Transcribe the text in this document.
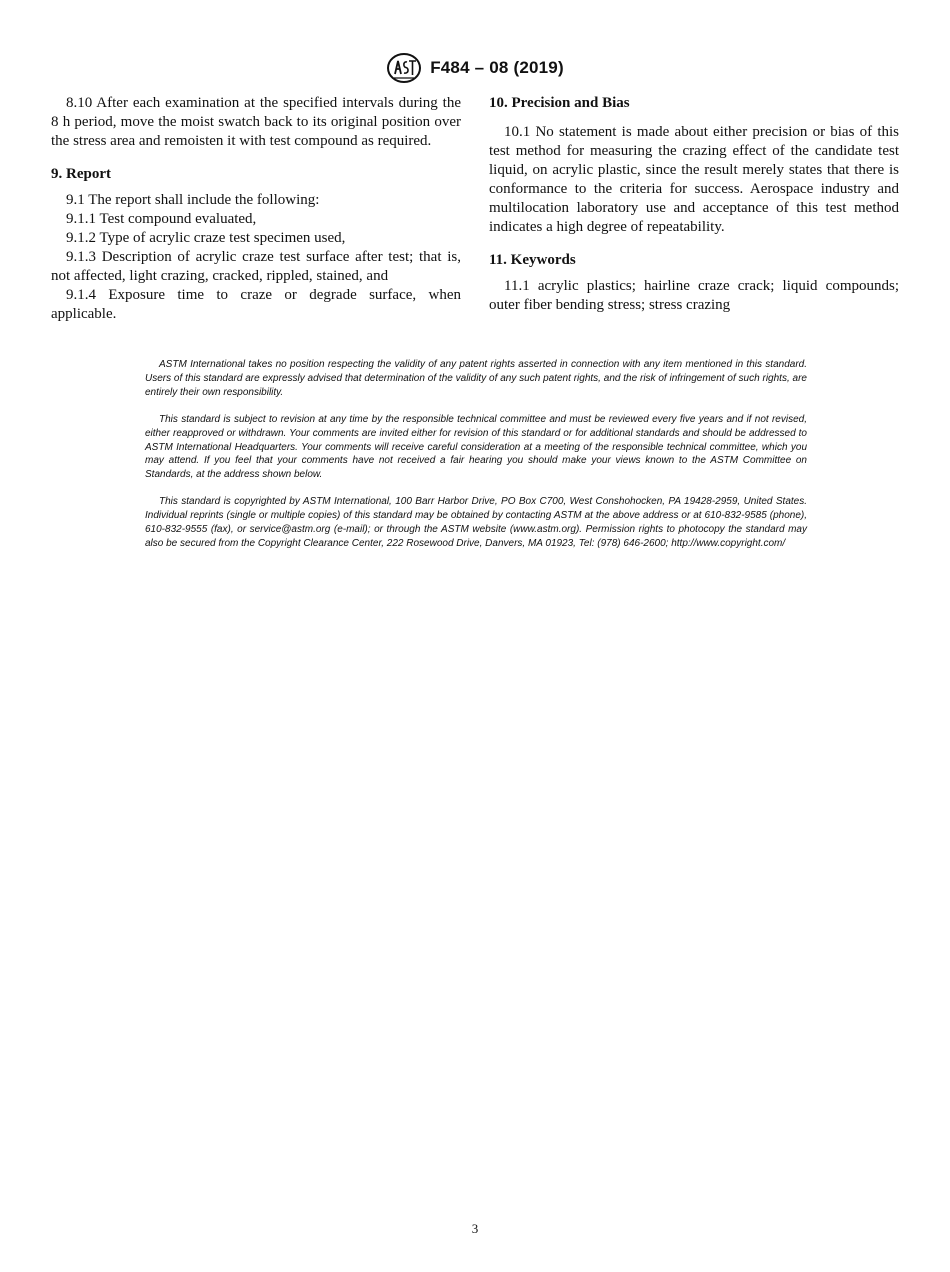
F484 – 08 (2019)

8.10 After each examination at the specified intervals during the 8 h period, move the moist swatch back to its original position over the stress area and remoisten it with test compound as required.

9. Report

9.1 The report shall include the following:

9.1.1 Test compound evaluated,

9.1.2 Type of acrylic craze test specimen used,

9.1.3 Description of acrylic craze test surface after test; that is, not affected, light crazing, cracked, rippled, stained, and

9.1.4 Exposure time to craze or degrade surface, when applicable.

10. Precision and Bias

10.1 No statement is made about either precision or bias of this test method for measuring the crazing effect of the candidate test liquid, on acrylic plastic, since the result merely states that there is conformance to the criteria for success. Aerospace industry and multilocation laboratory use and acceptance of this test method indicates a high degree of repeatability.

11. Keywords

11.1 acrylic plastics; hairline craze crack; liquid compounds; outer fiber bending stress; stress crazing

ASTM International takes no position respecting the validity of any patent rights asserted in connection with any item mentioned in this standard. Users of this standard are expressly advised that determination of the validity of any such patent rights, and the risk of infringement of such rights, are entirely their own responsibility.

This standard is subject to revision at any time by the responsible technical committee and must be reviewed every five years and if not revised, either reapproved or withdrawn. Your comments are invited either for revision of this standard or for additional standards and should be addressed to ASTM International Headquarters. Your comments will receive careful consideration at a meeting of the responsible technical committee, which you may attend. If you feel that your comments have not received a fair hearing you should make your views known to the ASTM Committee on Standards, at the address shown below.

This standard is copyrighted by ASTM International, 100 Barr Harbor Drive, PO Box C700, West Conshohocken, PA 19428-2959, United States. Individual reprints (single or multiple copies) of this standard may be obtained by contacting ASTM at the above address or at 610-832-9585 (phone), 610-832-9555 (fax), or service@astm.org (e-mail); or through the ASTM website (www.astm.org). Permission rights to photocopy the standard may also be secured from the Copyright Clearance Center, 222 Rosewood Drive, Danvers, MA 01923, Tel: (978) 646-2600; http://www.copyright.com/

3
